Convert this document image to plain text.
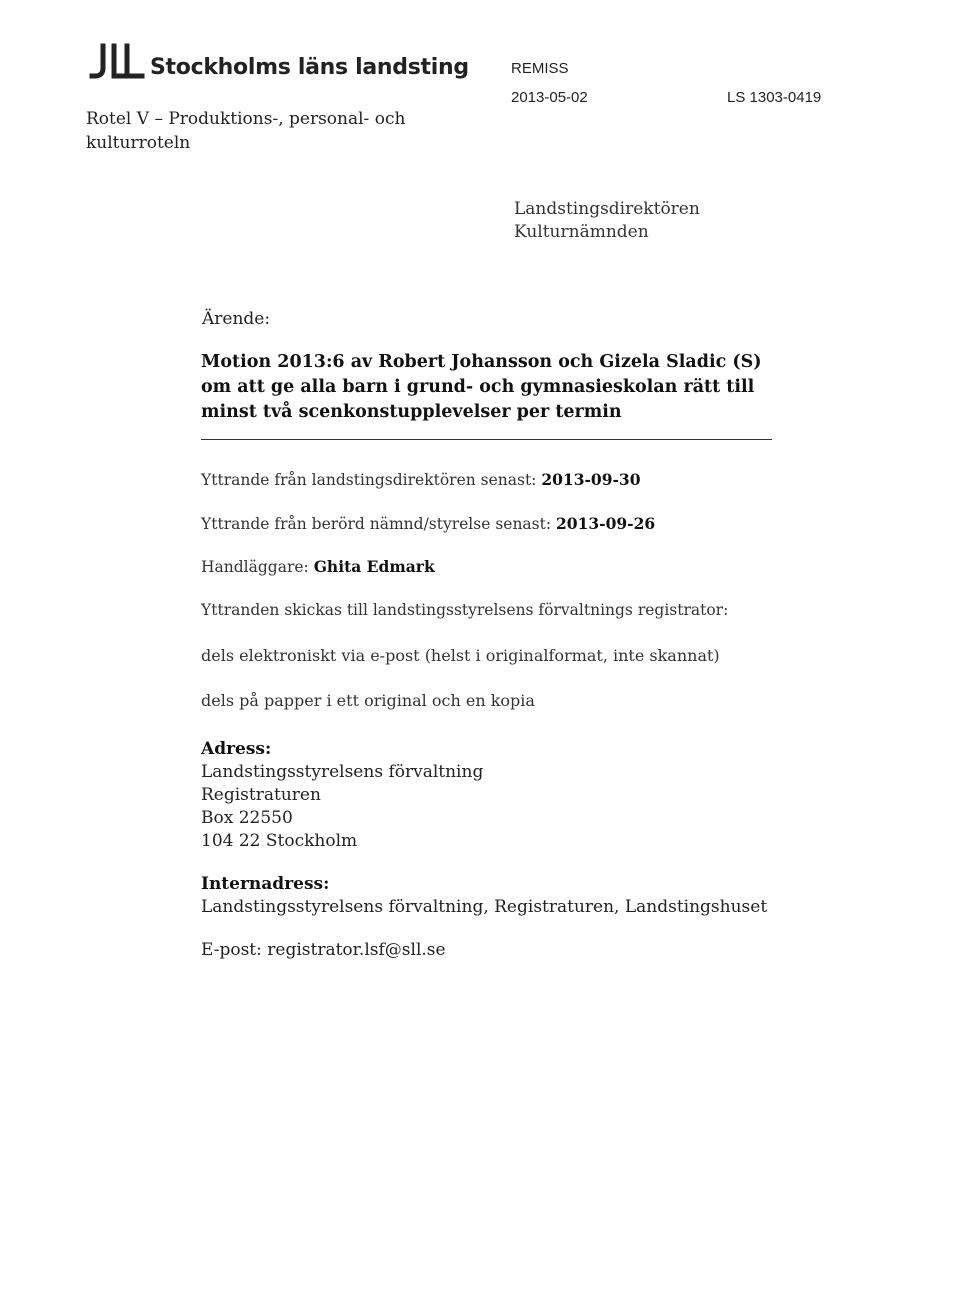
Stockholms läns landsting
Rotel V – Produktions-, personal- och
kulturroteln
REMISS
2013-05-02	LS 1303-0419
Landstingsdirektören
Kulturnämnden
Ärende:
Motion 2013:6 av Robert Johansson och Gizela Sladic (S)
om att ge alla barn i grund- och gymnasieskolan rätt till
minst två scenkonstupplevelser per termin
Yttrande från landstingsdirektören senast: 2013-09-30
Yttrande från berörd nämnd/styrelse senast: 2013-09-26
Handläggare: Ghita Edmark
Yttranden skickas till landstingsstyrelsens förvaltnings registrator:
dels elektroniskt via e-post (helst i originalformat, inte skannat)
dels på papper i ett original och en kopia
Adress:
Landstingsstyrelsens förvaltning
Registraturen
Box 22550
104 22 Stockholm
Internadress:
Landstingsstyrelsens förvaltning, Registraturen, Landstingshuset
E-post: registrator.lsf@sll.se
